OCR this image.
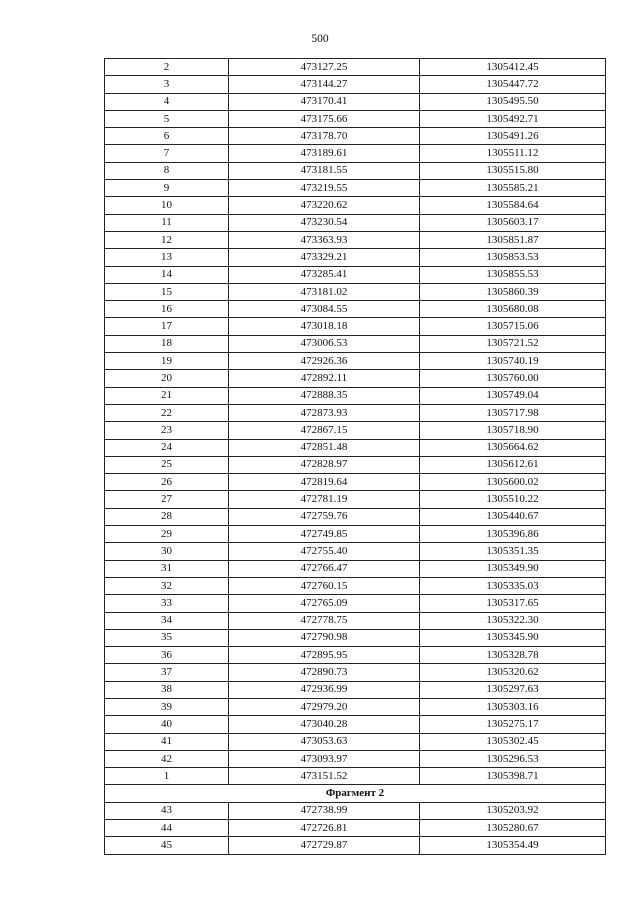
500
2	473127.25	1305412.45
3	473144.27	1305447.72
4	473170.41	1305495.50
5	473175.66	1305492.71
6	473178.70	1305491.26
7	473189.61	1305511.12
8	473181.55	1305515.80
9	473219.55	1305585.21
10	473220.62	1305584.64
11	473230.54	1305603.17
12	473363.93	1305851.87
13	473329.21	1305853.53
14	473285.41	1305855.53
15	473181.02	1305860.39
16	473084.55	1305680.08
17	473018.18	1305715.06
18	473006.53	1305721.52
19	472926.36	1305740.19
20	472892.11	1305760.00
21	472888.35	1305749.04
22	472873.93	1305717.98
23	472867.15	1305718.90
24	472851.48	1305664.62
25	472828.97	1305612.61
26	472819.64	1305600.02
27	472781.19	1305510.22
28	472759.76	1305440.67
29	472749.85	1305396.86
30	472755.40	1305351.35
31	472766.47	1305349.90
32	472760.15	1305335.03
33	472765.09	1305317.65
34	472778.75	1305322.30
35	472790.98	1305345.90
36	472895.95	1305328.78
37	472890.73	1305320.62
38	472936.99	1305297.63
39	472979.20	1305303.16
40	473040.28	1305275.17
41	473053.63	1305302.45
42	473093.97	1305296.53
1	473151.52	1305398.71
Фрагмент 2		
43	472738.99	1305203.92
44	472726.81	1305280.67
45	472729.87	1305354.49
